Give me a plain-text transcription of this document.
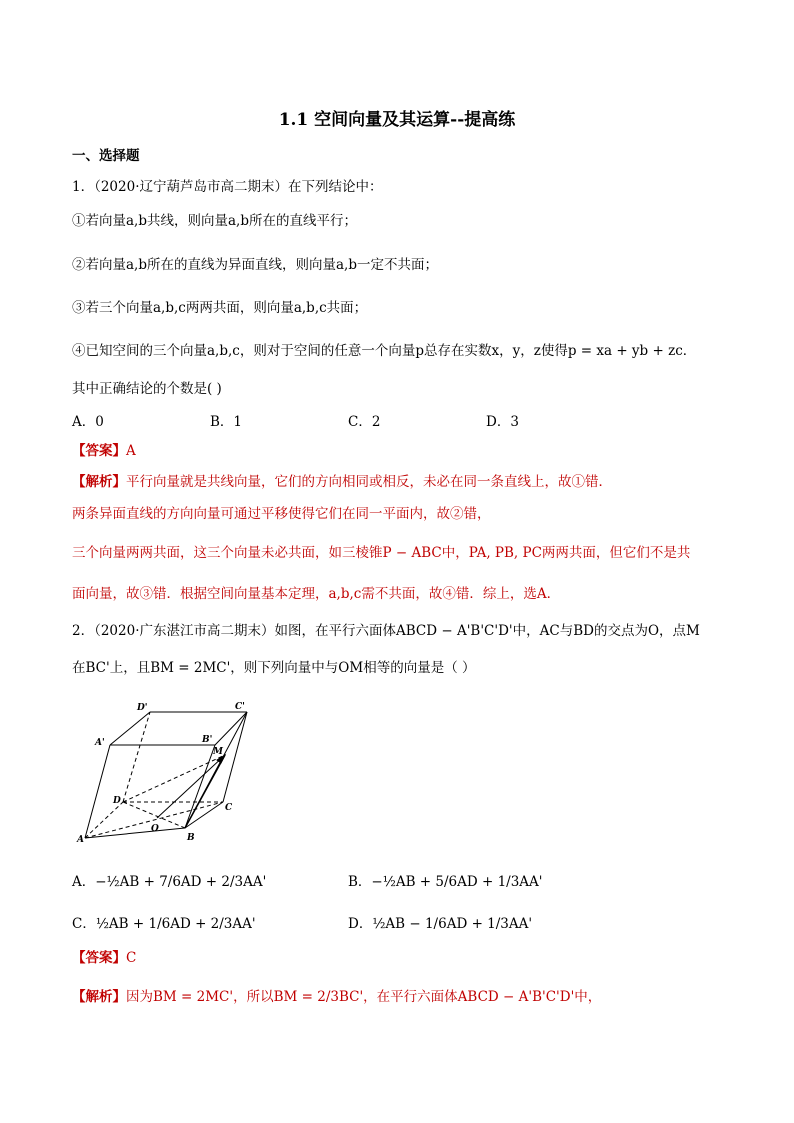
1.1 空间向量及其运算--提高练
一、选择题
1．（2020·辽宁葫芦岛市高二期末）在下列结论中：
①若向量a,b共线，则向量a,b所在的直线平行；
②若向量a,b所在的直线为异面直线，则向量a,b一定不共面；
③若三个向量a,b,c两两共面，则向量a,b,c共面；
④已知空间的三个向量a,b,c，则对于空间的任意一个向量p总存在实数x，y，z使得p = xa + yb + zc．
其中正确结论的个数是( )
A．0	B．1	C．2	D．3
【答案】A
【解析】平行向量就是共线向量，它们的方向相同或相反，未必在同一条直线上，故①错．
两条异面直线的方向向量可通过平移使得它们在同一平面内，故②错，
三个向量两两共面，这三个向量未必共面，如三棱锥P − ABC中，PA, PB, PC两两共面，但它们不是共
面向量，故③错．根据空间向量基本定理，a,b,c需不共面，故④错．综上，选A．
2．（2020·广东湛江市高二期末）如图，在平行六面体ABCD − A'B'C'D'中，AC与BD的交点为O，点M
在BC'上，且BM = 2MC'，则下列向量中与OM相等的向量是（ ）
D'	C'
A'	B'
M
D
C
O
A	B
A．−½AB + 7/6AD + 2/3AA'	B．−½AB + 5/6AD + 1/3AA'
C．½AB + 1/6AD + 2/3AA'	D．½AB − 1/6AD + 1/3AA'
【答案】C
【解析】因为BM = 2MC'，所以BM = 2/3BC'，在平行六面体ABCD − A'B'C'D'中，
